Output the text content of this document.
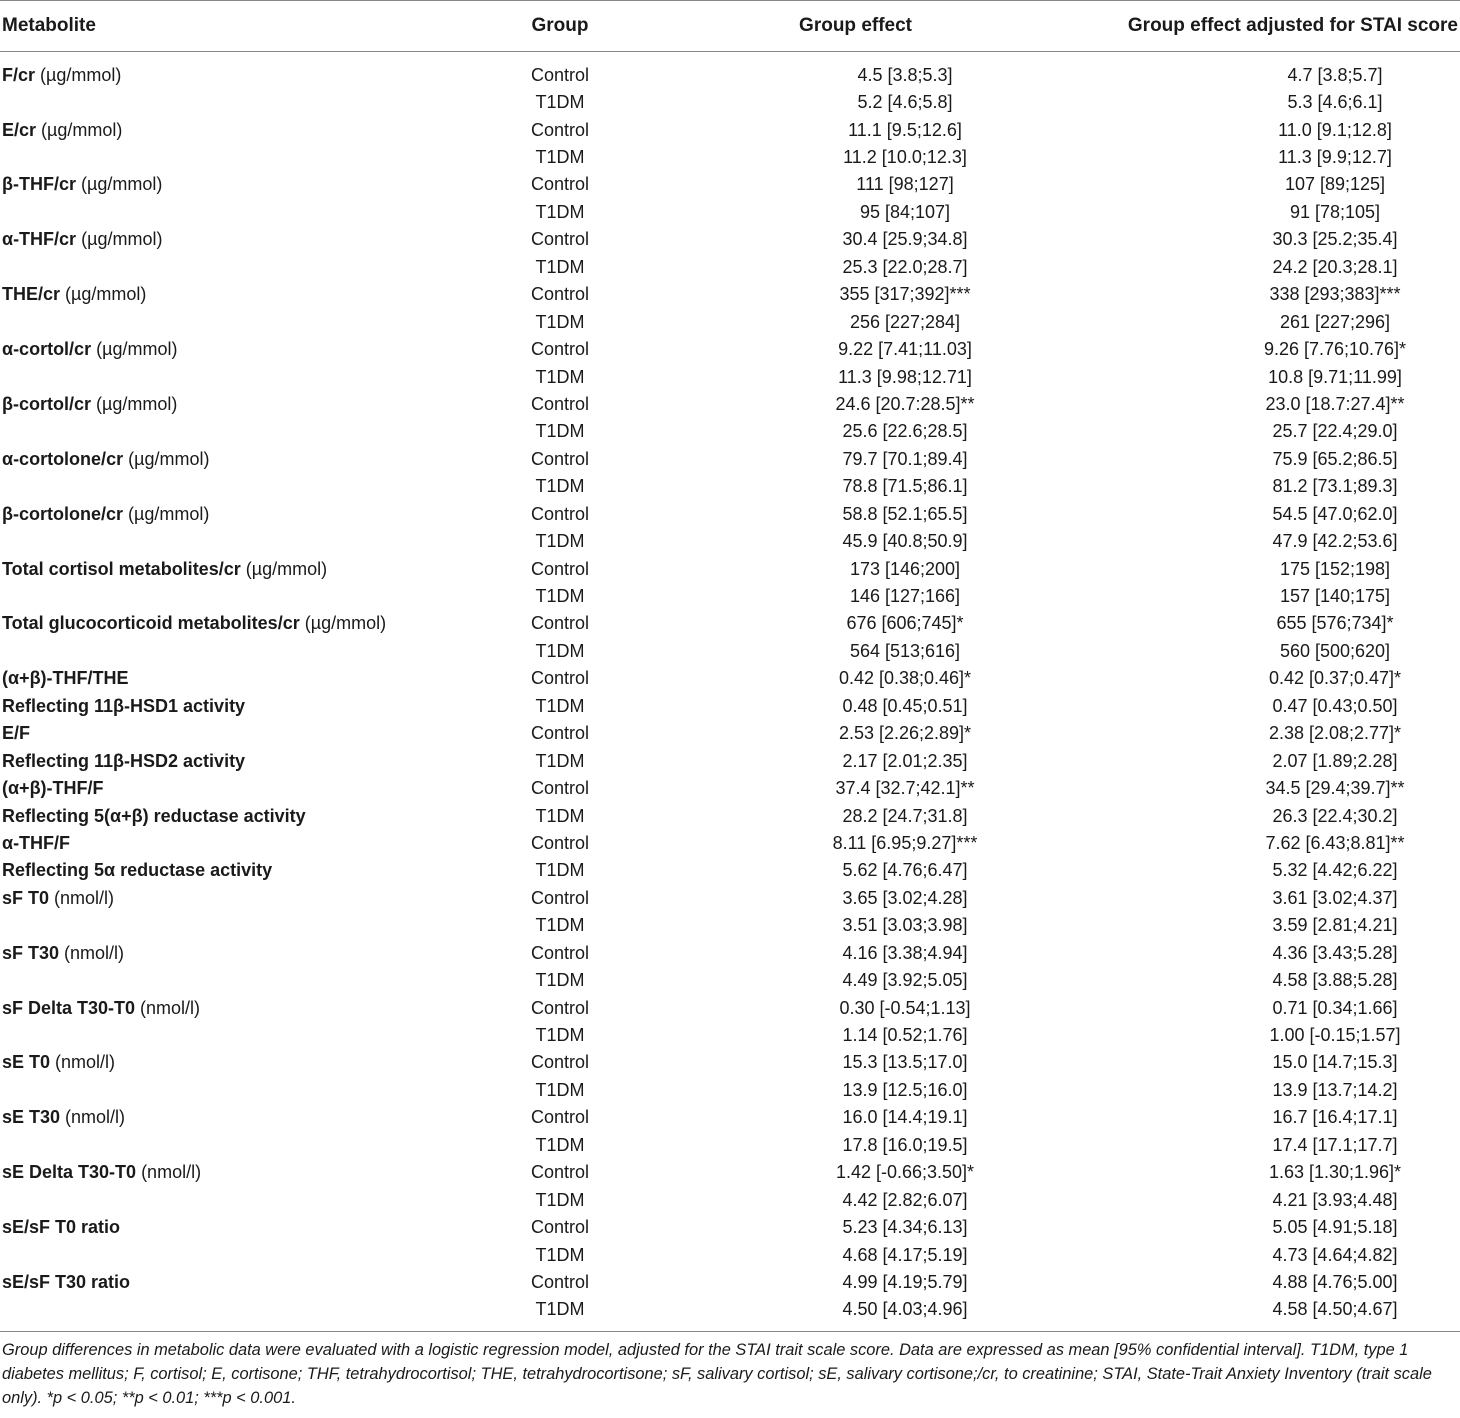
Metabolite	Group	Group effect	Group effect adjusted for STAI score
F/cr (µg/mmol)	Control	4.5 [3.8;5.3]	4.7 [3.8;5.7]
	T1DM	5.2 [4.6;5.8]	5.3 [4.6;6.1]
E/cr (µg/mmol)	Control	11.1 [9.5;12.6]	11.0 [9.1;12.8]
	T1DM	11.2 [10.0;12.3]	11.3 [9.9;12.7]
β-THF/cr (µg/mmol)	Control	111 [98;127]	107 [89;125]
	T1DM	95 [84;107]	91 [78;105]
α-THF/cr (µg/mmol)	Control	30.4 [25.9;34.8]	30.3 [25.2;35.4]
	T1DM	25.3 [22.0;28.7]	24.2 [20.3;28.1]
THE/cr (µg/mmol)	Control	355 [317;392]***	338 [293;383]***
	T1DM	256 [227;284]	261 [227;296]
α-cortol/cr (µg/mmol)	Control	9.22 [7.41;11.03]	9.26 [7.76;10.76]*
	T1DM	11.3 [9.98;12.71]	10.8 [9.71;11.99]
β-cortol/cr (µg/mmol)	Control	24.6 [20.7:28.5]**	23.0 [18.7:27.4]**
	T1DM	25.6 [22.6;28.5]	25.7 [22.4;29.0]
α-cortolone/cr (µg/mmol)	Control	79.7 [70.1;89.4]	75.9 [65.2;86.5]
	T1DM	78.8 [71.5;86.1]	81.2 [73.1;89.3]
β-cortolone/cr (µg/mmol)	Control	58.8 [52.1;65.5]	54.5 [47.0;62.0]
	T1DM	45.9 [40.8;50.9]	47.9 [42.2;53.6]
Total cortisol metabolites/cr (µg/mmol)	Control	173 [146;200]	175 [152;198]
	T1DM	146 [127;166]	157 [140;175]
Total glucocorticoid metabolites/cr (µg/mmol)	Control	676 [606;745]*	655 [576;734]*
	T1DM	564 [513;616]	560 [500;620]
(α+β)-THF/THE	Control	0.42 [0.38;0.46]*	0.42 [0.37;0.47]*
Reflecting 11β-HSD1 activity	T1DM	0.48 [0.45;0.51]	0.47 [0.43;0.50]
E/F	Control	2.53 [2.26;2.89]*	2.38 [2.08;2.77]*
Reflecting 11β-HSD2 activity	T1DM	2.17 [2.01;2.35]	2.07 [1.89;2.28]
(α+β)-THF/F	Control	37.4 [32.7;42.1]**	34.5 [29.4;39.7]**
Reflecting 5(α+β) reductase activity	T1DM	28.2 [24.7;31.8]	26.3 [22.4;30.2]
α-THF/F	Control	8.11 [6.95;9.27]***	7.62 [6.43;8.81]**
Reflecting 5α reductase activity	T1DM	5.62 [4.76;6.47]	5.32 [4.42;6.22]
sF T0 (nmol/l)	Control	3.65 [3.02;4.28]	3.61 [3.02;4.37]
	T1DM	3.51 [3.03;3.98]	3.59 [2.81;4.21]
sF T30 (nmol/l)	Control	4.16 [3.38;4.94]	4.36 [3.43;5.28]
	T1DM	4.49 [3.92;5.05]	4.58 [3.88;5.28]
sF Delta T30-T0 (nmol/l)	Control	0.30 [-0.54;1.13]	0.71 [0.34;1.66]
	T1DM	1.14 [0.52;1.76]	1.00 [-0.15;1.57]
sE T0 (nmol/l)	Control	15.3 [13.5;17.0]	15.0 [14.7;15.3]
	T1DM	13.9 [12.5;16.0]	13.9 [13.7;14.2]
sE T30 (nmol/l)	Control	16.0 [14.4;19.1]	16.7 [16.4;17.1]
	T1DM	17.8 [16.0;19.5]	17.4 [17.1;17.7]
sE Delta T30-T0 (nmol/l)	Control	1.42 [-0.66;3.50]*	1.63 [1.30;1.96]*
	T1DM	4.42 [2.82;6.07]	4.21 [3.93;4.48]
sE/sF T0 ratio	Control	5.23 [4.34;6.13]	5.05 [4.91;5.18]
	T1DM	4.68 [4.17;5.19]	4.73 [4.64;4.82]
sE/sF T30 ratio	Control	4.99 [4.19;5.79]	4.88 [4.76;5.00]
	T1DM	4.50 [4.03;4.96]	4.58 [4.50;4.67]

Group differences in metabolic data were evaluated with a logistic regression model, adjusted for the STAI trait scale score. Data are expressed as mean [95% confidential interval]. T1DM, type 1 diabetes mellitus; F, cortisol; E, cortisone; THF, tetrahydrocortisol; THE, tetrahydrocortisone; sF, salivary cortisol; sE, salivary cortisone;/cr, to creatinine; STAI, State-Trait Anxiety Inventory (trait scale only). *p < 0.05; **p < 0.01; ***p < 0.001.
